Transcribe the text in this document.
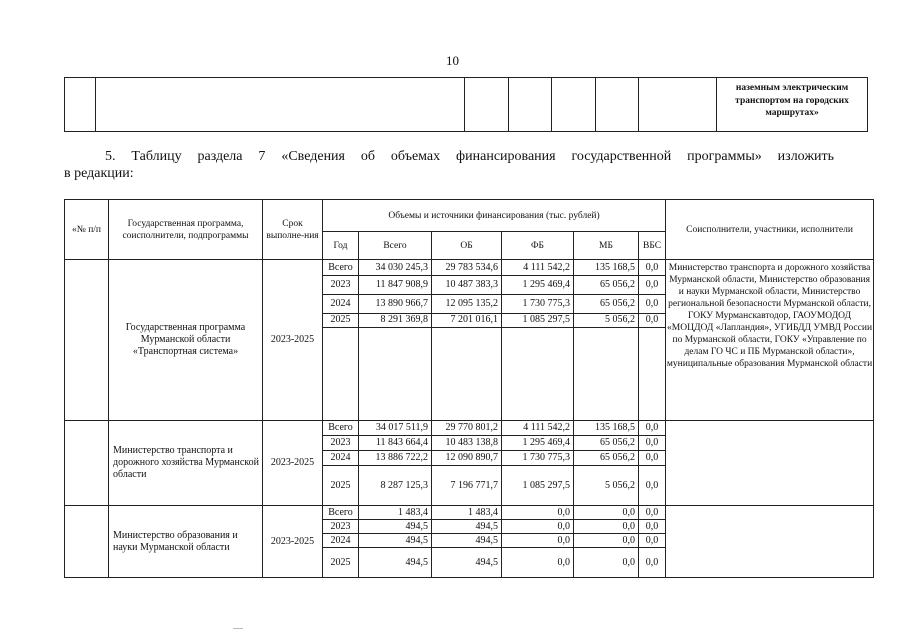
10
							наземным электрическим транспортом на городских маршрутах»
5. Таблицу раздела 7 «Сведения об объемах финансирования государственной программы» изложить
в редакции:
«№ п/п	Государственная программа, соисполнители, подпрограммы	Срок выполне-ния	Объемы и источники финансирования (тыс. рублей)						Соисполнители, участники, исполнители
			Год	Всего	ОБ	ФБ	МБ	ВБС	
	Государственная программа Мурманской области «Транспортная система»	2023-2025	Всего	34 030 245,3	29 783 534,6	4 111 542,2	135 168,5	0,0	Министерство транспорта и дорожного хозяйства Мурманской области, Министерство образования и науки Мурманской области, Министерство региональной безопасности Мурманской области, ГОКУ Мурманскавтодор, ГАОУМОДОД «МОЦДОД «Лапландия», УГИБДД УМВД России по Мурманской области, ГОКУ «Управление по делам ГО ЧС и ПБ Мурманской области», муниципальные образования Мурманской области
			2023	11 847 908,9	10 487 383,3	1 295 469,4	65 056,2	0,0	
			2024	13 890 966,7	12 095 135,2	1 730 775,3	65 056,2	0,0	
			2025	8 291 369,8	7 201 016,1	1 085 297,5	5 056,2	0,0	

	Министерство транспорта и дорожного хозяйства Мурманской области	2023-2025	Всего	34 017 511,9	29 770 801,2	4 111 542,2	135 168,5	0,0	
			2023	11 843 664,4	10 483 138,8	1 295 469,4	65 056,2	0,0	
			2024	13 886 722,2	12 090 890,7	1 730 775,3	65 056,2	0,0	
			2025	8 287 125,3	7 196 771,7	1 085 297,5	5 056,2	0,0	
	Министерство образования и науки Мурманской области	2023-2025	Всего	1 483,4	1 483,4	0,0	0,0	0,0	
			2023	494,5	494,5	0,0	0,0	0,0	
			2024	494,5	494,5	0,0	0,0	0,0	
			2025	494,5	494,5	0,0	0,0	0,0	
